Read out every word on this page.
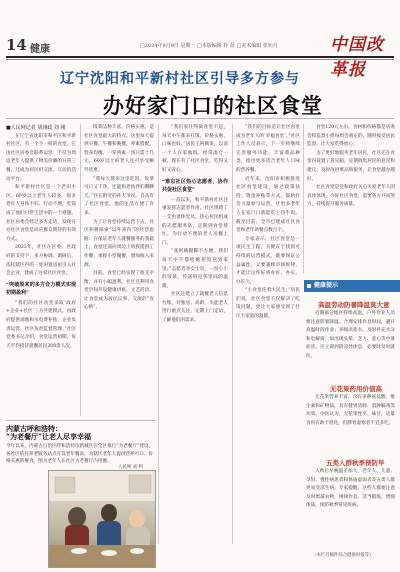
14 健康	□2024年9月9日 星期一 □本版编辑 朴 蓓 □美术编辑 张钊月	中国改革报
辽宁沈阳和平新村社区引导多方参与
办好家门口的社区食堂

■人民网记者 胡翊政 刘 刚

在辽宁省沈阳市和平区和平新村社区，有一个不一样的食堂。它由社区居委会联系运营，不仅为周边老年人提供了物美价廉的日常三餐，还成为居民们交流、互动的活动平台。

和平新村社区是一个老旧小区，60岁以上老年人较多。很多老年人身体不好、行动不便，吃饭成了他们日常生活中的一个难题。社区居委会经过多方走访，发现开办社区食堂是回应群众期待的有效方式。

2023年，社区在区委、区政府的支持下，多方协调、调研后，依托辖区内的一处闲置房屋引入社会企业，建成了这家社区食堂。

“突破原来的多方合力模式实现初期盈利”

“我们的社区食堂采取‘政府+企业+社区’三方共建模式，由政府提供场地和水电费补贴，企业负责运营，社区负责监督管理。”社区党委书记介绍，食堂运营初期，每天平均接待就餐居民200余人次。

饭菜品种丰富、价格实惠，是社区食堂最大的特点。这里每天提供早餐、午餐和晚餐，荤素搭配，营养均衡。一荤两素一汤只需十几元，60岁以上的老人还可享受额外优惠。

“我每天都来这里吃饭，饭菜可口又干净，还能和老伙伴们聊聊天。”住在附近的孙大爷说。自从有了社区食堂，他的生活方便了许多。

为了让食堂持续运营下去，社区积极探索“以外养内”的经营思路：在保证老年人就餐服务的基础上，食堂还面向周边上班族提供工作餐，承接小型聚餐，增加收入来源。

目前，食堂已经实现了收支平衡，并有小幅盈利。社区还利用食堂空间开设健康讲座、文艺活动，让食堂成为居民议事、交流的“连心桥”。

“我们家住得离食堂不远，每天中午都来打饭，价格实惠、口味也好。”居民王阿姨说，以前一个人在家做饭，经常凑合一顿，现在有了社区食堂，吃得又好又省心。

“难忘社区热心志愿者，协作共促社区食堂”

一直以来，和平新村社区注重发挥志愿者作用。社区组建了一支由退休党员、热心居民组成的志愿服务队，定期到食堂帮忙，为行动不便的老人送餐上门。

“张阿姨腿脚不方便，我们每天中午都给她把饭送到家里。”志愿者李女士说，一份小小的饭菜，传递的是邻里间的温暖。

社区还建立了就餐老人信息台账，对独居、高龄、失能老人进行重点关注，定期上门走访，了解他们的需求。

“我们的目标是让社区食堂成为老年人的‘幸福食堂’。”社区工作人员表示，下一步将继续完善服务功能，丰富菜品种类，推出更多适合老年人口味的营养餐。

近年来，沈阳市积极推进社区食堂建设，通过政策扶持、资金补贴等方式，鼓励社会力量参与运营，让更多老年人在家门口就能吃上热乎饭。截至目前，全市已建成社区食堂和老年助餐点数百个。

专家表示，社区食堂是一项民生工程，关键在于找到可持续的运营模式。既要保证公益属性，又要兼顾市场规律，才能让这件好事办好、办实、办长久。

“小食堂连着大民生。”居民们说，社区食堂不仅解决了吃饭问题，更让大家感受到了社区大家庭的温暖。

食堂120元左右。食材和价格都是居委会和监督小组每周会商定的，随时接受居民监督，让大家吃得放心。

为了更好地服务老年居民，社区还在食堂内设置了意见箱，定期收集居民的意见和建议，及时改进菜品和服务，让食堂越办越好。

社区食堂是党和政府关心关爱老年人的具体体现，办好社区食堂，需要各方共同努力，持续提升服务质量。

内蒙古呼和浩特：
“为老餐厅”让老人尽享幸福
今年以来，内蒙古自治区呼和浩特市新城区在全区推行“为老餐厅”建设，各社区依托养老服务站点开设老年餐桌，为辖区老年人提供营养可口、价格实惠的餐食。图为老年人在社区为老餐厅内用餐。
人民网 刘 利
健康提示
高温劳动防暑降温莫大意

近期部分地区持续高温，户外作业人员要注意防暑降温。合理安排作息时间，避开高温时段作业；多喝淡盐水，及时补充水分和电解质；如出现头晕、乏力、恶心等中暑症状，应立即到阴凉处休息，必要时及时就医。

无花果药用价值高

无花果营养丰富，含有多种氨基酸、维生素和矿物质，具有健胃清肠、消肿解毒等功效。中医认为，无花果性平、味甘，适量食用有助于消化，但脾胃虚寒者不宜多吃。

五类人群秋季预防早

入秋后早晚温差加大，老年人、儿童、孕妇、慢性病患者和体质虚弱者等五类人群更易受凉生病。专家提醒，这些人群要注意及时增减衣物，规律作息，适当锻炼，增强体质，预防秋季常见疾病。

（本栏目稿件综合健康时报等）
